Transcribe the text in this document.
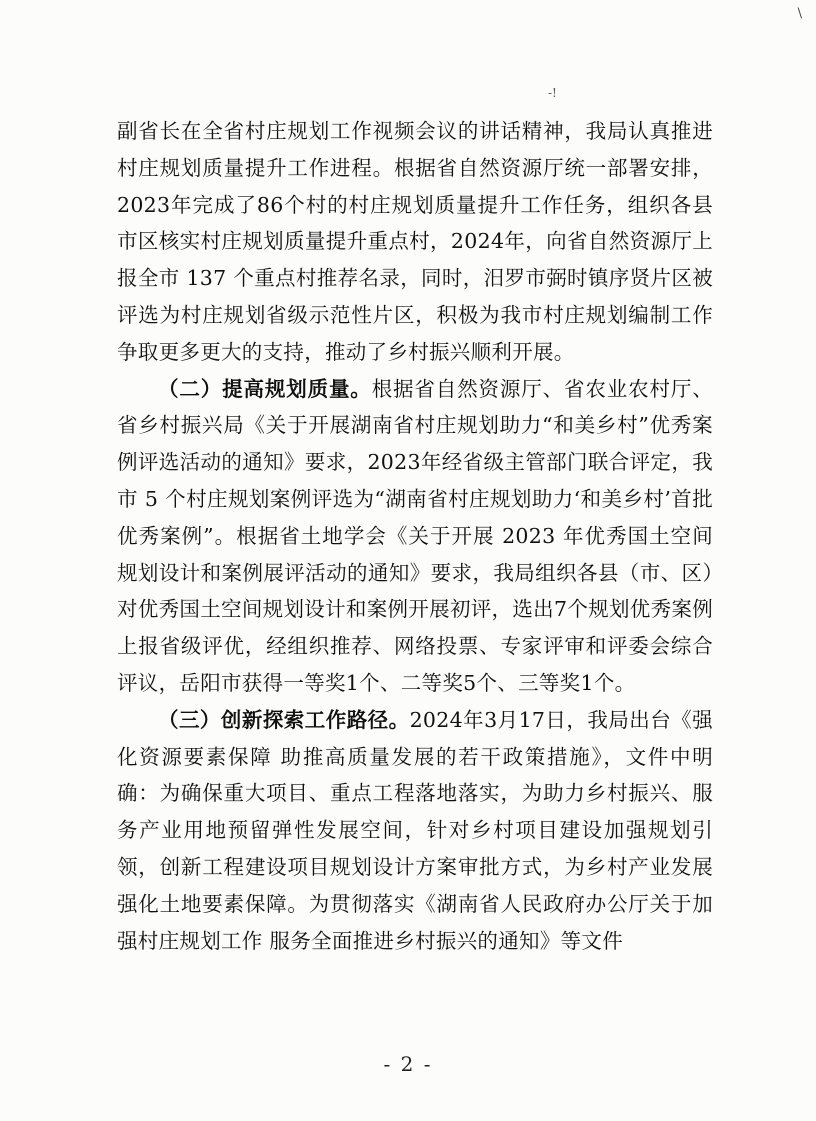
\
-!

副省长在全省村庄规划工作视频会议的讲话精神，我局认真推进村庄规划质量提升工作进程。根据省自然资源厅统一部署安排，2023年完成了86个村的村庄规划质量提升工作任务，组织各县市区核实村庄规划质量提升重点村，2024年，向省自然资源厅上报全市 137 个重点村推荐名录，同时，汨罗市弼时镇序贤片区被评选为村庄规划省级示范性片区，积极为我市村庄规划编制工作争取更多更大的支持，推动了乡村振兴顺利开展。

（二）提高规划质量。根据省自然资源厅、省农业农村厅、省乡村振兴局《关于开展湖南省村庄规划助力“和美乡村”优秀案例评选活动的通知》要求，2023年经省级主管部门联合评定，我市 5 个村庄规划案例评选为“湖南省村庄规划助力‘和美乡村’首批优秀案例”。根据省土地学会《关于开展 2023 年优秀国土空间规划设计和案例展评活动的通知》要求，我局组织各县（市、区）对优秀国土空间规划设计和案例开展初评，选出7个规划优秀案例上报省级评优，经组织推荐、网络投票、专家评审和评委会综合评议，岳阳市获得一等奖1个、二等奖5个、三等奖1个。

（三）创新探索工作路径。2024年3月17日，我局出台《强化资源要素保障 助推高质量发展的若干政策措施》，文件中明确：为确保重大项目、重点工程落地落实，为助力乡村振兴、服务产业用地预留弹性发展空间，针对乡村项目建设加强规划引领，创新工程建设项目规划设计方案审批方式，为乡村产业发展强化土地要素保障。为贯彻落实《湖南省人民政府办公厅关于加强村庄规划工作 服务全面推进乡村振兴的通知》等文件

- 2 -
